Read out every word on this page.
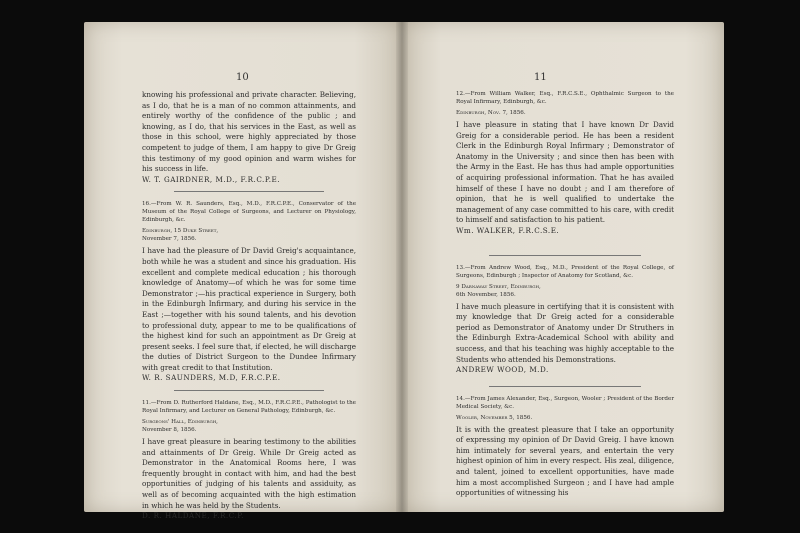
10

knowing his professional and private character. Believing, as I do, that he is a man of no common attainments, and entirely worthy of the confidence of the public ; and knowing, as I do, that his services in the East, as well as those in this school, were highly appreciated by those competent to judge of them, I am happy to give Dr Greig this testimony of my good opinion and warm wishes for his success in life.

W. T. GAIRDNER, M.D., F.R.C.P.E.

16.—From W. R. Saunders, Esq., M.D., F.R.C.P.E., Conservator of the Museum of the Royal College of Surgeons, and Lecturer on Physiology, Edinburgh, &c.

Edinburgh, 15 Duke Street,

November 7, 1856.

I have had the pleasure of Dr David Greig's acquaintance, both while he was a student and since his graduation. His excellent and complete medical education ; his thorough knowledge of Anatomy—of which he was for some time Demonstrator ;—his practical experience in Surgery, both in the Edinburgh Infirmary, and during his service in the East ;—together with his sound talents, and his devotion to professional duty, appear to me to be qualifications of the highest kind for such an appointment as Dr Greig at present seeks. I feel sure that, if elected, he will discharge the duties of District Surgeon to the Dundee Infirmary with great credit to that Institution.

W. R. SAUNDERS, M.D, F.R.C.P.E.

11.—From D. Rutherford Haldane, Esq., M.D., F.R.C.P.E., Pathologist to the Royal Infirmary, and Lecturer on General Pathology, Edinburgh, &c.

Surgeons' Hall, Edinburgh,

November 8, 1856.

I have great pleasure in bearing testimony to the abilities and attainments of Dr Greig. While Dr Greig acted as Demonstrator in the Anatomical Rooms here, I was frequently brought in contact with him, and had the best opportunities of judging of his talents and assiduity, as well as of becoming acquainted with the high estimation in which he was held by the Students.

D. R. HALDANE, F.R.C.P.

11

12.—From William Walker, Esq., F.R.C.S.E., Ophthalmic Surgeon to the Royal Infirmary, Edinburgh, &c.

Edinburgh, Nov. 7, 1856.

I have pleasure in stating that I have known Dr David Greig for a considerable period. He has been a resident Clerk in the Edinburgh Royal Infirmary ; Demonstrator of Anatomy in the University ; and since then has been with the Army in the East. He has thus had ample opportunities of acquiring professional information. That he has availed himself of these I have no doubt ; and I am therefore of opinion, that he is well qualified to undertake the management of any case committed to his care, with credit to himself and satisfaction to his patient.

Wm. WALKER, F.R.C.S.E.

13.—From Andrew Wood, Esq., M.D., President of the Royal College, of Surgeons, Edinburgh ; Inspector of Anatomy for Scotland, &c.

9 Darnaway Street, Edinburgh,

6th November, 1856.

I have much pleasure in certifying that it is consistent with my knowledge that Dr Greig acted for a considerable period as Demonstrator of Anatomy under Dr Struthers in the Edinburgh Extra-Academical School with ability and success, and that his teaching was highly acceptable to the Students who attended his Demonstrations.

ANDREW WOOD, M.D.

14.—From James Alexander, Esq., Surgeon, Wooler ; President of the Border Medical Society, &c.

Wooler, November 5, 1856.

It is with the greatest pleasure that I take an opportunity of expressing my opinion of Dr David Greig. I have known him intimately for several years, and entertain the very highest opinion of him in every respect. His zeal, diligence, and talent, joined to excellent opportunities, have made him a most accomplished Surgeon ; and I have had ample opportunities of witnessing his
